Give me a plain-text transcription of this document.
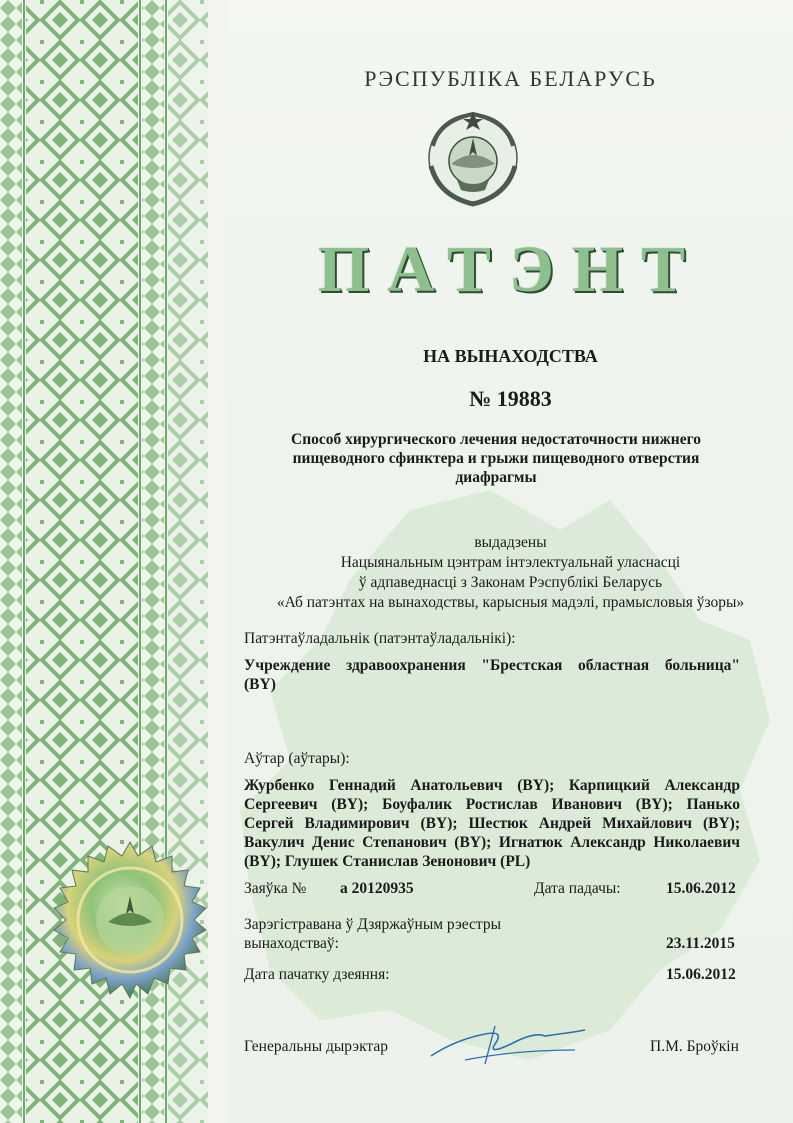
РЭСПУБЛІКА БЕЛАРУСЬ
ПАТЭНТ
НА ВЫНАХОДСТВА
№ 19883
Способ хирургического лечения недостаточности нижнего
пищеводного сфинктера и грыжи пищеводного отверстия
диафрагмы
выдадзены
Нацыянальным цэнтрам інтэлектуальнай уласнасці
ў адпаведнасці з Законам Рэспублікі Беларусь
«Аб патэнтах на вынаходствы, карысныя мадэлі, прамысловыя ўзоры»
Патэнтаўладальнік (патэнтаўладальнікі):
Учреждение здравоохранения "Брестская областная больница"
(BY)
Аўтар (аўтары):
Журбенко Геннадий Анатольевич (BY); Карпицкий Александр
Сергеевич (BY); Боуфалик Ростислав Иванович (BY); Панько
Сергей Владимирович (BY); Шестюк Андрей Михайлович (BY);
Вакулич Денис Степанович (BY); Игнатюк Александр Николаевич
(BY); Глушек Станислав Зенонович (PL)
Заяўка № a 20120935	Дата падачы:	15.06.2012
Зарэгістравана ў Дзяржаўным рэестры
вынаходстваў:	23.11.2015
Дата пачатку дзеяння:	15.06.2012
Генеральны дырэктар	П.М. Броўкін
